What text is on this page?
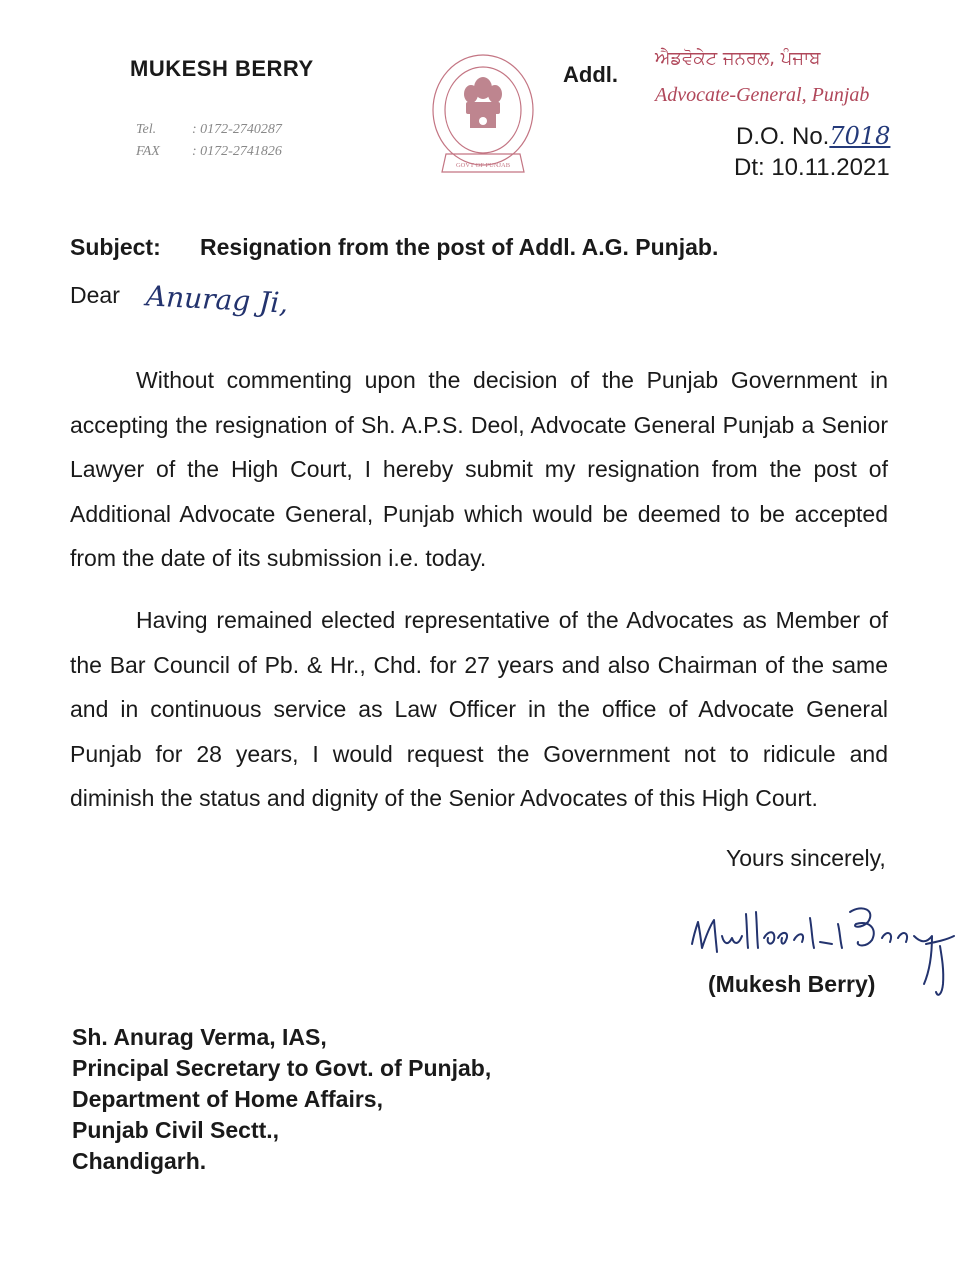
MUKESH BERRY
Tel.	: 0172-2740287
FAX : 0172-2741826
GOVT OF PUNJAB
Addl.
ਐਡਵੋਕੇਟ ਜਨਰਲ, ਪੰਜਾਬ
Advocate-General, Punjab
D.O. No.7018
Dt: 10.11.2021
Subject: Resignation from the post of Addl. A.G. Punjab.
Dear Anurag Ji,

Without commenting upon the decision of the Punjab Government in accepting the resignation of Sh. A.P.S. Deol, Advocate General Punjab a Senior Lawyer of the High Court, I hereby submit my resignation from the post of Additional Advocate General, Punjab which would be deemed to be accepted from the date of its submission i.e. today.

Having remained elected representative of the Advocates as Member of the Bar Council of Pb. & Hr., Chd. for 27 years and also Chairman of the same and in continuous service as Law Officer in the office of Advocate General Punjab for 28 years, I would request the Government not to ridicule and diminish the status and dignity of the Senior Advocates of this High Court.

Yours sincerely,
(Mukesh Berry)
Sh. Anurag Verma, IAS,
Principal Secretary to Govt. of Punjab,
Department of Home Affairs,
Punjab Civil Sectt.,
Chandigarh.
